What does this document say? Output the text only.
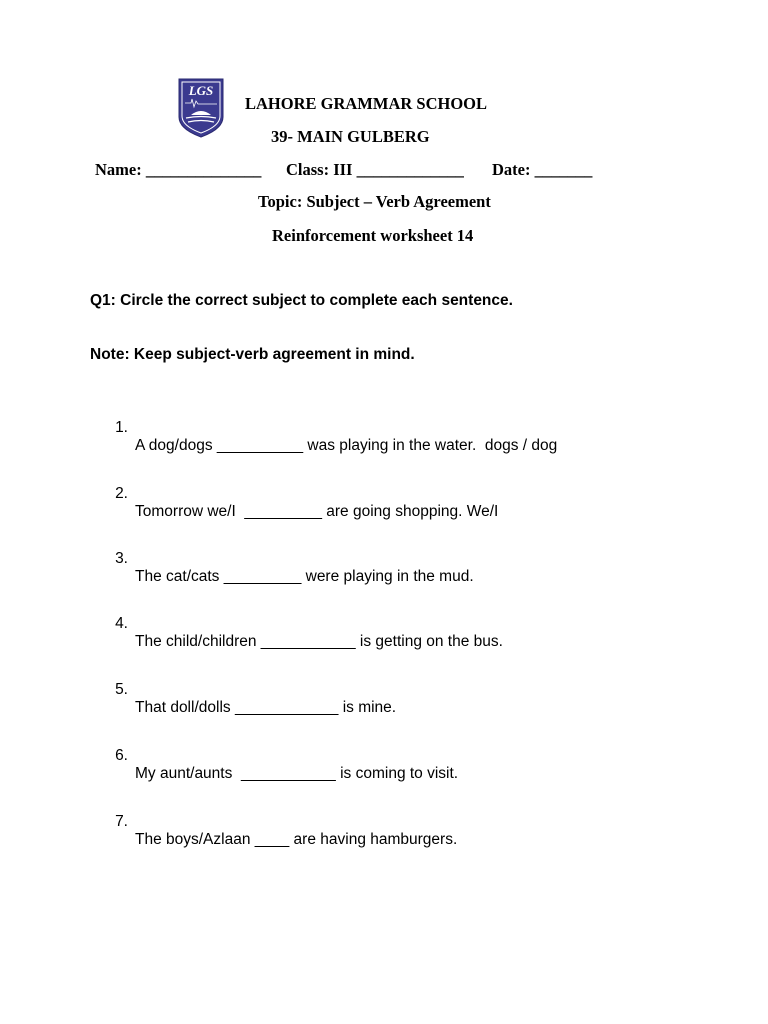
LGS
LAHORE GRAMMAR SCHOOL
39- MAIN GULBERG
Name: ______________ Class: III _____________ Date: _______
Topic: Subject – Verb Agreement
Reinforcement worksheet 14
Q1: Circle the correct subject to complete each sentence.
Note: Keep subject-verb agreement in mind.

1.

A dog/dogs __________ was playing in the water.  dogs / dog

2.

Tomorrow we/I  _________ are going shopping. We/I

3.

The cat/cats _________ were playing in the mud.

4.

The child/children ___________ is getting on the bus.

5.

That doll/dolls ____________ is mine.

6.

My aunt/aunts  ___________ is coming to visit.

7.

The boys/Azlaan ____ are having hamburgers.
